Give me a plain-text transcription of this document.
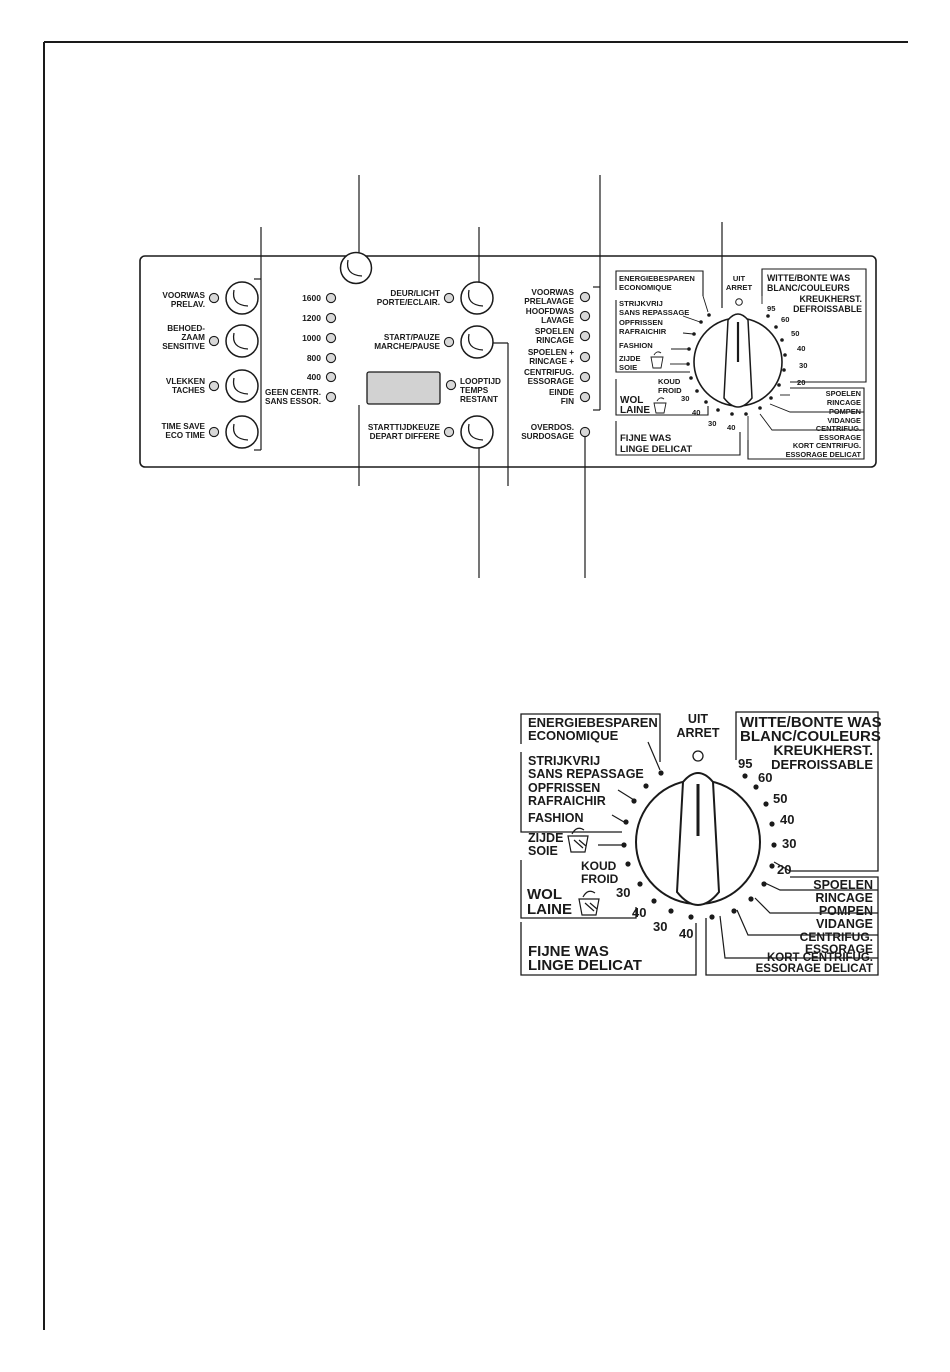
VOORWAS
PRELAV.
BEHOED-
ZAAM
SENSITIVE
VLEKKEN
TACHES
TIME SAVE
ECO TIME
1600
1200
1000
800
400
GEEN CENTR.
SANS ESSOR.
DEUR/LICHT
PORTE/ECLAIR.
START/PAUZE
MARCHE/PAUSE
LOOPTIJD
TEMPS
RESTANT
STARTTIJDKEUZE
DEPART DIFFERE
VOORWAS
PRELAVAGE
HOOFDWAS
LAVAGE
SPOELEN
RINCAGE
SPOELEN +
RINCAGE +
CENTRIFUG.
ESSORAGE
EINDE
FIN
OVERDOS.
SURDOSAGE
ENERGIEBESPAREN
ECONOMIQUE
STRIJKVRIJ
SANS REPASSAGE
OPFRISSEN
RAFRAICHIR
FASHION
ZIJDE
SOIE
KOUD
FROID
WOL
LAINE
30
40
30 40
FIJNE WAS
LINGE DELICAT
UIT
ARRET
WITTE/BONTE WAS
BLANC/COULEURS
KREUKHERST.
DEFROISSABLE
95
60
50
40
30
20
SPOELEN
RINCAGE
POMPEN
VIDANGE
CENTRIFUG.
ESSORAGE
KORT CENTRIFUG.
ESSORAGE DELICAT
ENERGIEBESPAREN
ECONOMIQUE
STRIJKVRIJ
SANS REPASSAGE
OPFRISSEN
RAFRAICHIR
FASHION
ZIJDE
SOIE
KOUD
FROID
WOL
LAINE
30
40
30 40
FIJNE WAS
LINGE DELICAT
UIT
ARRET
WITTE/BONTE WAS
BLANC/COULEURS
KREUKHERST.
DEFROISSABLE
95
60
50
40
30
20
SPOELEN
RINCAGE
POMPEN
VIDANGE
CENTRIFUG.
ESSORAGE
KORT CENTRIFUG.
ESSORAGE DELICAT
